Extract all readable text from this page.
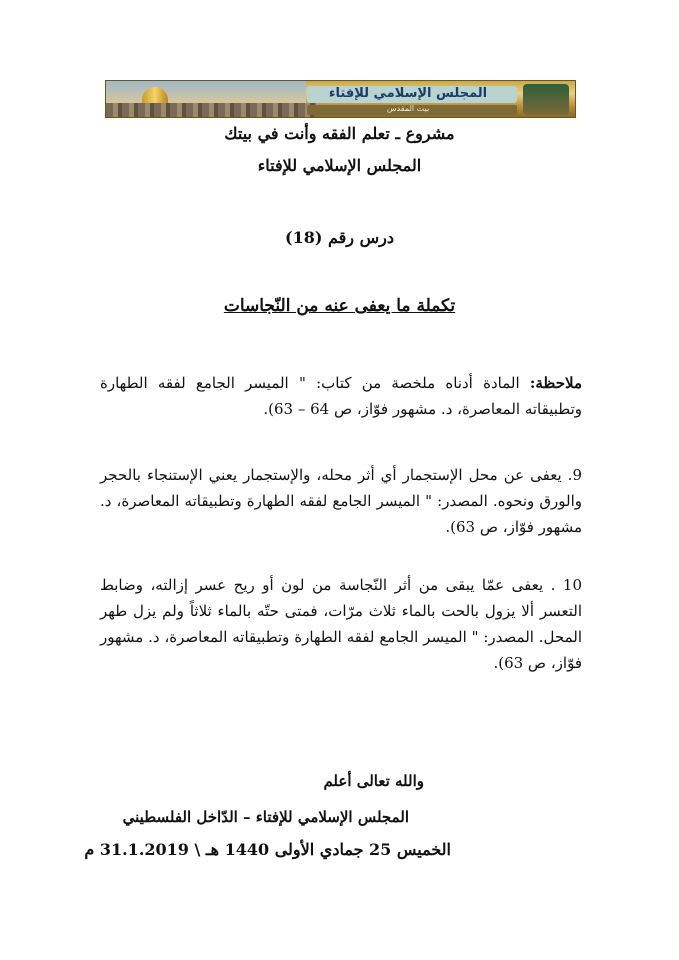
المجلس الإسلامي للإفتاء
بيت المقدس
مشروع ـ تعلم الفقه وأنت في بيتك
المجلس الإسلامي للإفتاء
درس رقم (18)
تكملة ما يعفى عنه من النّجاسات
ملاحظة: المادة أدناه ملخصة من كتاب: " الميسر الجامع لفقه الطهارة وتطبيقاته المعاصرة، د. مشهور فوّاز، ص 64 – 63).
9. يعفى عن محل الإستجمار أي أثر محله، والإستجمار يعني الإستنجاء بالحجر والورق ونحوه. المصدر: " الميسر الجامع لفقه الطهارة وتطبيقاته المعاصرة، د. مشهور فوّاز، ص 63).
10 . يعفى عمّا يبقى من أثر النّجاسة من لون أو ريح عسر إزالته، وضابط التعسر ألا يزول بالحت بالماء ثلاث مرّات، فمتى حتّه بالماء ثلاثاً ولم يزل طهر المحل. المصدر: " الميسر الجامع لفقه الطهارة وتطبيقاته المعاصرة، د. مشهور فوّاز، ص 63).
والله تعالى أعلم
المجلس الإسلامي للإفتاء – الدّاخل الفلسطيني
الخميس 25 جمادي الأولى 1440 هـ \ 31.1.2019 م
